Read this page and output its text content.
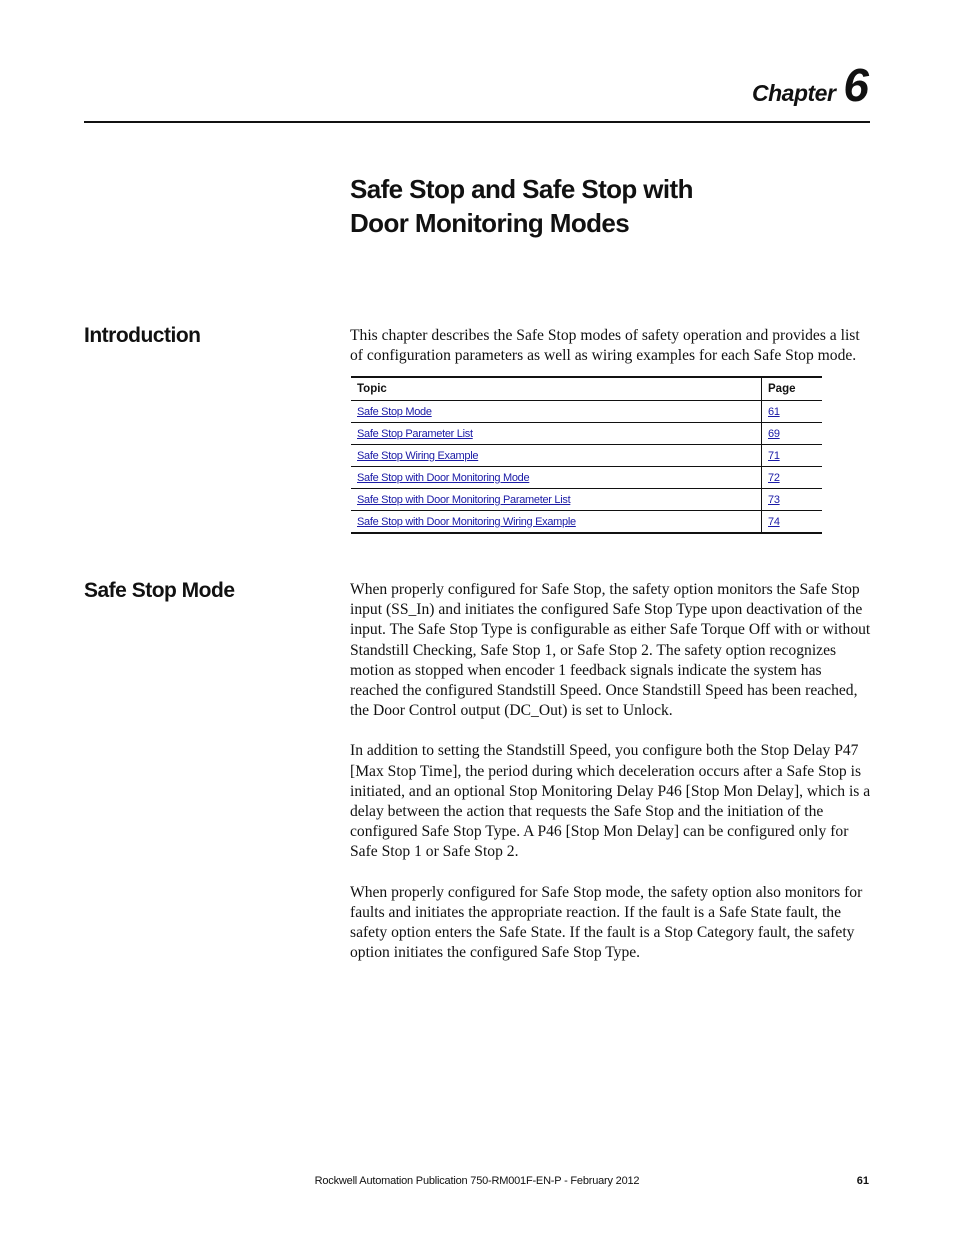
Chapter 6
Safe Stop and Safe Stop with
Door Monitoring Modes
Introduction	This chapter describes the Safe Stop modes of safety operation and provides a list of configuration parameters as well as wiring examples for each Safe Stop mode.

Topic	Page
Safe Stop Mode	61
Safe Stop Parameter List	69
Safe Stop Wiring Example	71
Safe Stop with Door Monitoring Mode	72
Safe Stop with Door Monitoring Parameter List	73
Safe Stop with Door Monitoring Wiring Example	74
Safe Stop Mode	When properly configured for Safe Stop, the safety option monitors the Safe Stop input (SS_In) and initiates the configured Safe Stop Type upon deactivation of the input. The Safe Stop Type is configurable as either Safe Torque Off with or without Standstill Checking, Safe Stop 1, or Safe Stop 2. The safety option recognizes motion as stopped when encoder 1 feedback signals indicate the system has reached the configured Standstill Speed. Once Standstill Speed has been reached, the Door Control output (DC_Out) is set to Unlock.

In addition to setting the Standstill Speed, you configure both the Stop Delay P47 [Max Stop Time], the period during which deceleration occurs after a Safe Stop is initiated, and an optional Stop Monitoring Delay P46 [Stop Mon Delay], which is a delay between the action that requests the Safe Stop and the initiation of the configured Safe Stop Type. A P46 [Stop Mon Delay] can be configured only for Safe Stop 1 or Safe Stop 2.

When properly configured for Safe Stop mode, the safety option also monitors for faults and initiates the appropriate reaction. If the fault is a Safe State fault, the safety option enters the Safe State. If the fault is a Stop Category fault, the safety option initiates the configured Safe Stop Type.

Rockwell Automation Publication 750-RM001F-EN-P - February 2012	61
